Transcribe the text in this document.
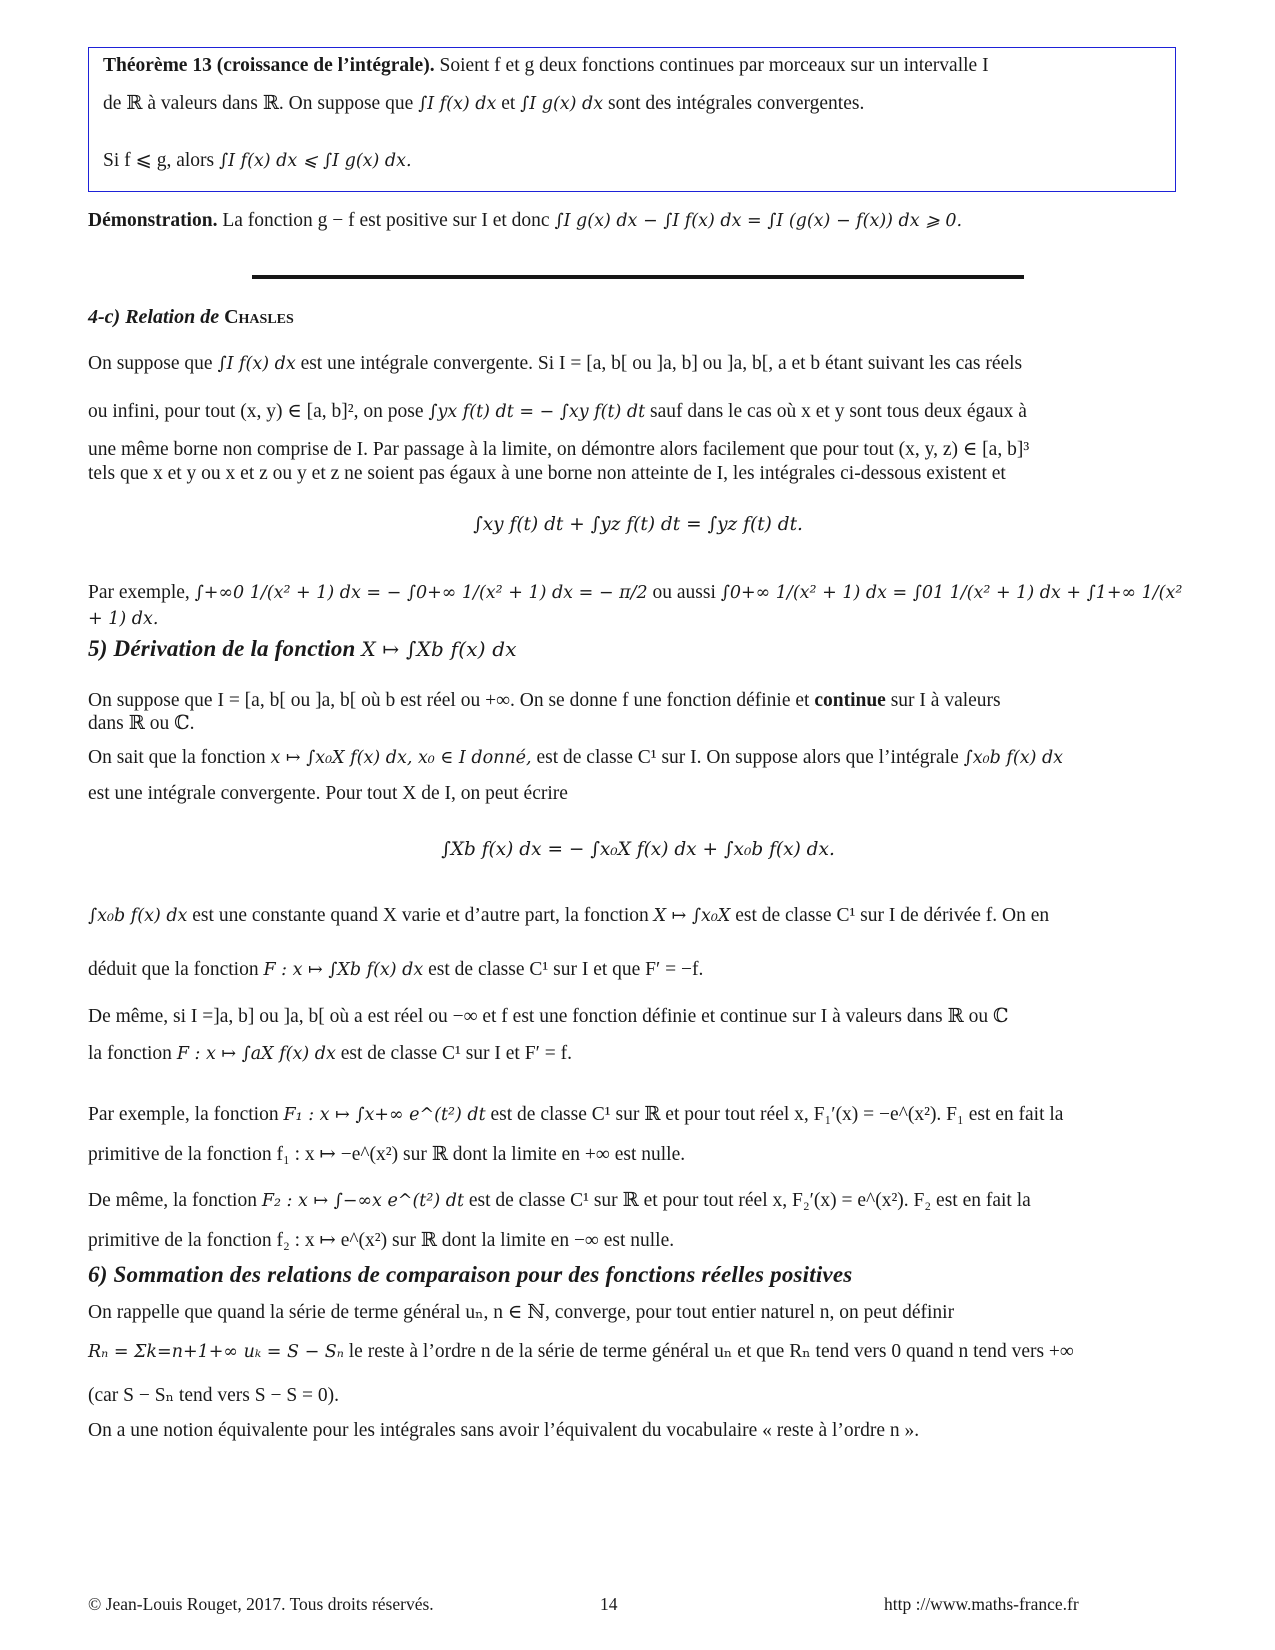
Théorème 13 (croissance de l’intégrale). Soient f et g deux fonctions continues par morceaux sur un intervalle I
de ℝ à valeurs dans ℝ. On suppose que ∫I f(x) dx et ∫I g(x) dx sont des intégrales convergentes.
Si f ⩽ g, alors ∫I f(x) dx ⩽ ∫I g(x) dx.
Démonstration. La fonction g − f est positive sur I et donc ∫I g(x) dx − ∫I f(x) dx = ∫I (g(x) − f(x)) dx ⩾ 0.
4-c) Relation de Chasles
On suppose que ∫I f(x) dx est une intégrale convergente. Si I = [a, b[ ou ]a, b] ou ]a, b[, a et b étant suivant les cas réels
ou infini, pour tout (x, y) ∈ [a, b]², on pose ∫yx f(t) dt = − ∫xy f(t) dt sauf dans le cas où x et y sont tous deux égaux à
une même borne non comprise de I. Par passage à la limite, on démontre alors facilement que pour tout (x, y, z) ∈ [a, b]³
tels que x et y ou x et z ou y et z ne soient pas égaux à une borne non atteinte de I, les intégrales ci-dessous existent et
∫xy f(t) dt + ∫yz f(t) dt = ∫yz f(t) dt.
Par exemple, ∫+∞0 1/(x² + 1) dx = − ∫0+∞ 1/(x² + 1) dx = − π/2 ou aussi ∫0+∞ 1/(x² + 1) dx = ∫01 1/(x² + 1) dx + ∫1+∞ 1/(x² + 1) dx.
5) Dérivation de la fonction X ↦ ∫Xb f(x) dx
On suppose que I = [a, b[ ou ]a, b[ où b est réel ou +∞. On se donne f une fonction définie et continue sur I à valeurs
dans ℝ ou ℂ.
On sait que la fonction x ↦ ∫x₀X f(x) dx, x₀ ∈ I donné, est de classe C¹ sur I. On suppose alors que l’intégrale ∫x₀b f(x) dx
est une intégrale convergente. Pour tout X de I, on peut écrire
∫Xb f(x) dx = − ∫x₀X f(x) dx + ∫x₀b f(x) dx.
∫x₀b f(x) dx est une constante quand X varie et d’autre part, la fonction X ↦ ∫x₀X est de classe C¹ sur I de dérivée f. On en
déduit que la fonction F : x ↦ ∫Xb f(x) dx est de classe C¹ sur I et que F′ = −f.
De même, si I =]a, b] ou ]a, b[ où a est réel ou −∞ et f est une fonction définie et continue sur I à valeurs dans ℝ ou ℂ
la fonction F : x ↦ ∫aX f(x) dx est de classe C¹ sur I et F′ = f.
Par exemple, la fonction F₁ : x ↦ ∫x+∞ e^(t²) dt est de classe C¹ sur ℝ et pour tout réel x, F₁′(x) = −e^(x²). F₁ est en fait la
primitive de la fonction f₁ : x ↦ −e^(x²) sur ℝ dont la limite en +∞ est nulle.
De même, la fonction F₂ : x ↦ ∫−∞x e^(t²) dt est de classe C¹ sur ℝ et pour tout réel x, F₂′(x) = e^(x²). F₂ est en fait la
primitive de la fonction f₂ : x ↦ e^(x²) sur ℝ dont la limite en −∞ est nulle.
6) Sommation des relations de comparaison pour des fonctions réelles positives
On rappelle que quand la série de terme général uₙ, n ∈ ℕ, converge, pour tout entier naturel n, on peut définir
Rₙ = Σk=n+1+∞ uₖ = S − Sₙ le reste à l’ordre n de la série de terme général uₙ et que Rₙ tend vers 0 quand n tend vers +∞
(car S − Sₙ tend vers S − S = 0).
On a une notion équivalente pour les intégrales sans avoir l’équivalent du vocabulaire « reste à l’ordre n ».
© Jean-Louis Rouget, 2017. Tous droits réservés.	14	http ://www.maths-france.fr
